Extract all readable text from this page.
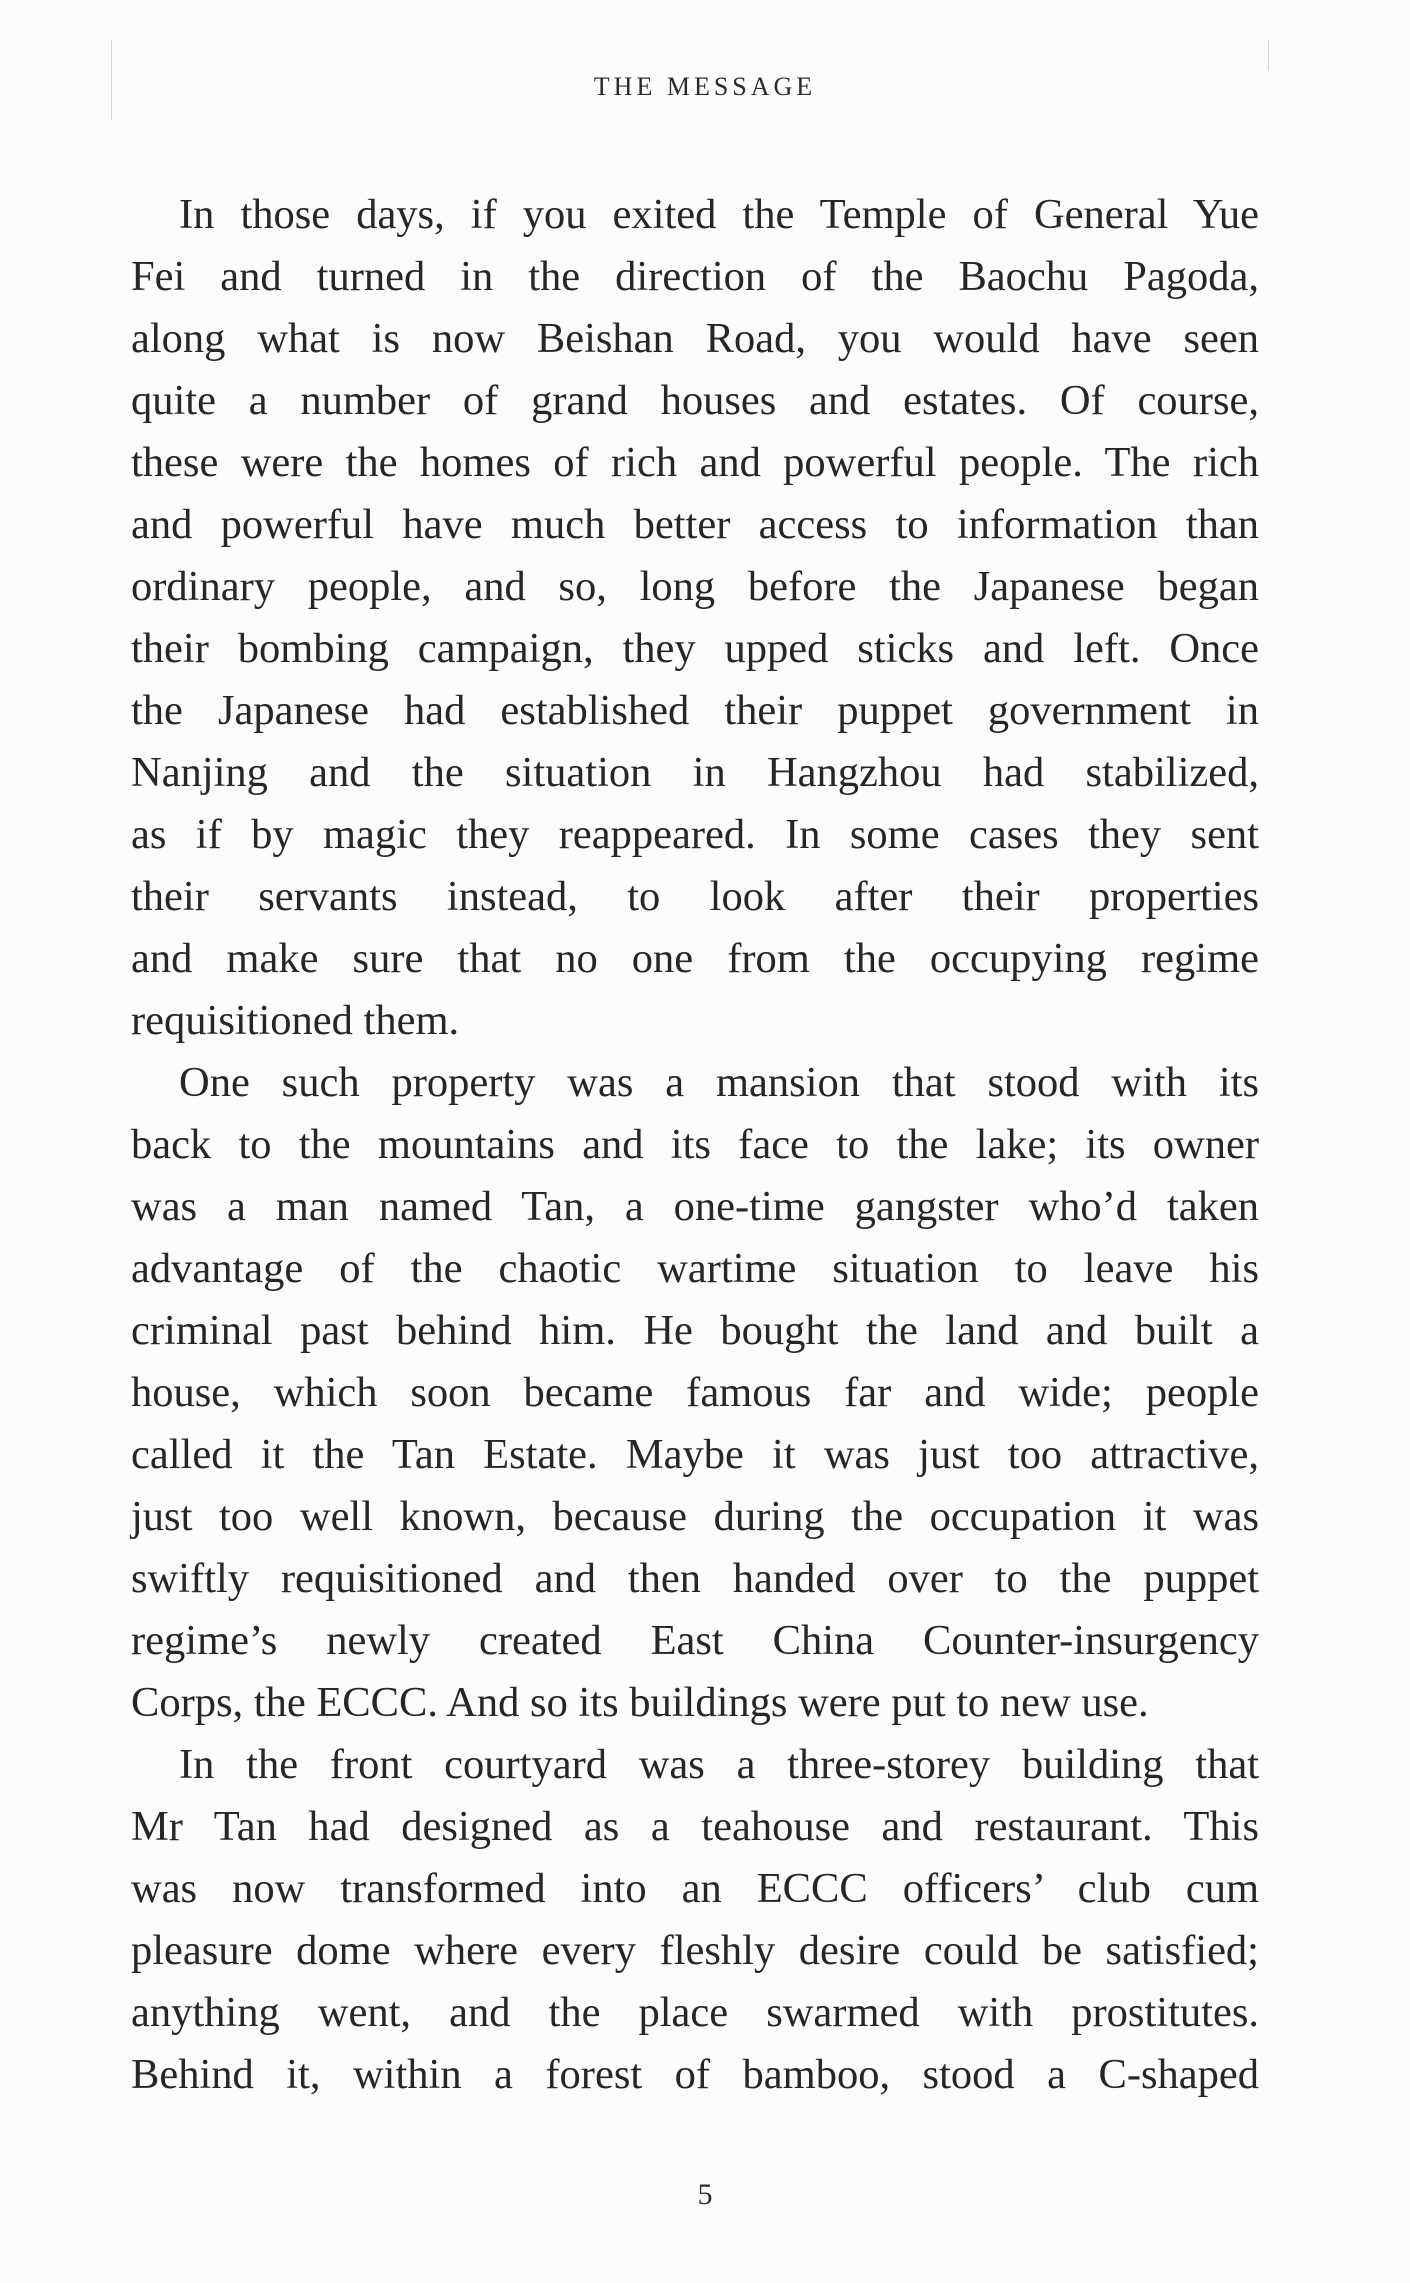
THE MESSAGE
In those days, if you exited the Temple of General Yue
Fei and turned in the direction of the Baochu Pagoda,
along what is now Beishan Road, you would have seen
quite a number of grand houses and estates. Of course,
these were the homes of rich and powerful people. The rich
and powerful have much better access to information than
ordinary people, and so, long before the Japanese began
their bombing campaign, they upped sticks and left. Once
the Japanese had established their puppet government in
Nanjing and the situation in Hangzhou had stabilized,
as if by magic they reappeared. In some cases they sent
their servants instead, to look after their properties
and make sure that no one from the occupying regime
requisitioned them.
One such property was a mansion that stood with its
back to the mountains and its face to the lake; its owner
was a man named Tan, a one-time gangster who’d taken
advantage of the chaotic wartime situation to leave his
criminal past behind him. He bought the land and built a
house, which soon became famous far and wide; people
called it the Tan Estate. Maybe it was just too attractive,
just too well known, because during the occupation it was
swiftly requisitioned and then handed over to the puppet
regime’s newly created East China Counter-insurgency
Corps, the ECCC. And so its buildings were put to new use.
In the front courtyard was a three-storey building that
Mr Tan had designed as a teahouse and restaurant. This
was now transformed into an ECCC officers’ club cum
pleasure dome where every fleshly desire could be satisfied;
anything went, and the place swarmed with prostitutes.
Behind it, within a forest of bamboo, stood a C-shaped
5
